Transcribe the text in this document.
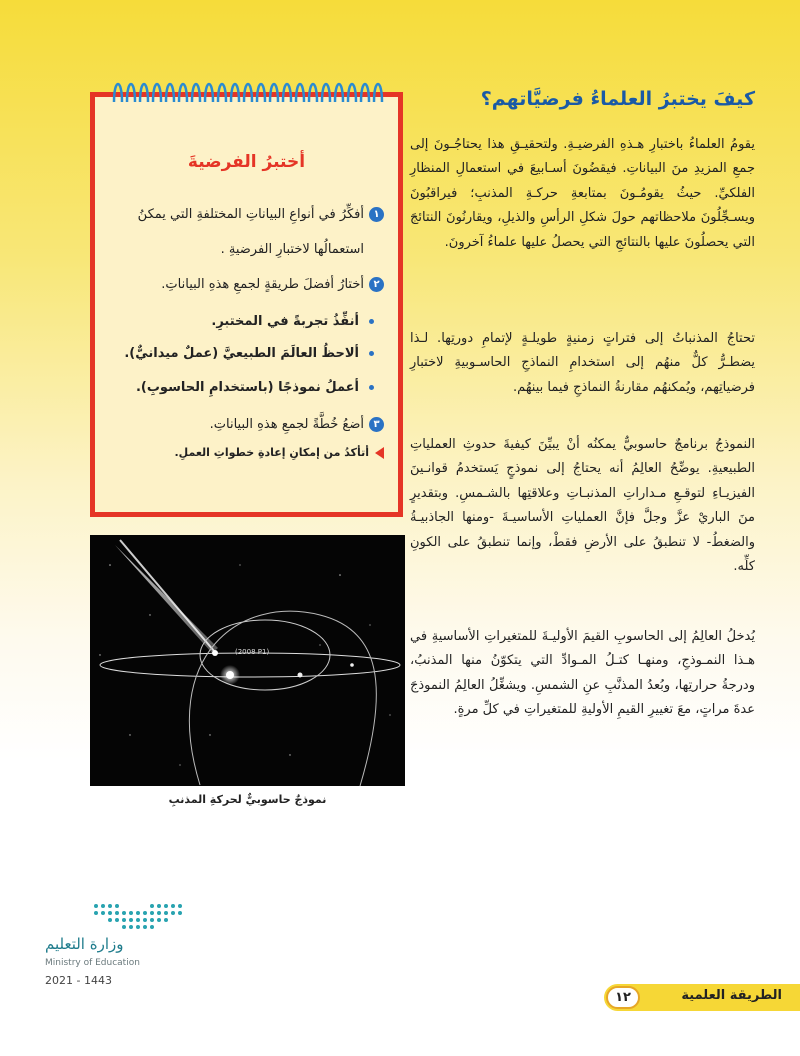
كيفَ يختبرُ العلماءُ فرضيَّاتهم؟
يقومُ العلماءُ باختبارِ هـذهِ الفرضيـةِ. ولتحقيـقِ هذا يحتاجُـونَ إلى جمعِ المزيدِ منَ البياناتِ. فيقضُونَ أسـابيعَ في استعمالِ المنظارِ الفلكيِّ. حيثُ يقومُـونَ بمتابعةِ حركـةِ المذنبِ؛ فيراقبُونَ ويسـجِّلُونَ ملاحظاتهم حولَ شكلِ الرأسِ والذيلِ، ويقارنُونَ النتائجَ التي يحصلُونَ عليها بالنتائجِ التي يحصلُ عليها علماءُ آخرونَ.
تحتاجُ المذنباتُ إلى فتراتٍ زمنيةٍ طويلـةٍ لإتمامِ دورتِها. لـذا يضطـرُّ كلٌّ منهُم إلى استخدامِ النماذجِ الحاسـوبيةِ لاختبارِ فرضياتِهم، ويُمكنهُم مقارنةُ النماذجِ فيما بينهُم.
النموذجُ برنامجٌ حاسوبيٌّ يمكنُه أنْ يبيِّنَ كيفيةَ حدوثِ العملياتِ الطبيعيةِ. يوضِّحُ العالِمُ أنه يحتاجُ إلى نموذجٍ يَستخدمُ قوانـينَ الفيزيـاءِ لتوقـعِ مـداراتِ المذنبـاتِ وعلاقتِها بالشـمسِ. وبتقديرٍ منَ الباريْ عزَّ وجلَّ فإنَّ العملياتِ الأساسيـةَ -ومنها الجاذبيـةُ والضغطُ- لا تنطبقُ على الأرضِ فقطْ، وإنما تنطبقُ على الكونِ كلِّه.
يُدخلُ العالِمُ إلى الحاسوبِ القيمَ الأوليـةَ للمتغيراتِ الأساسيةِ في هـذا النمـوذجِ، ومنهـا كتـلُ المـوادِّ التي يتكوّنُ منها المذنبُ، ودرجةُ حرارتِها، وبُعدُ المذنَّبِ عنِ الشمسِ. ويشغِّلُ العالِمُ النموذجَ عدةَ مراتٍ، معَ تغييرِ القيمِ الأوليةِ للمتغيراتِ في كلِّ مرةٍ.
أختبرُ الفرضيةَ
١أفكِّرُ في أنواعِ البياناتِ المختلفةِ التي يمكنُ
استعمالُها لاختبارِ الفرضيةِ .
٢أختارُ أفضلَ طريقةٍ لجمعِ هذهِ البياناتِ.
أنفِّذُ تجربةً في المختبرِ.
ألاحظُ العالَمَ الطبيعيَّ (عملٌ ميدانيٌّ).
أعملُ نموذجًا (باستخدامِ الحاسوبِ).
٣أضعُ خُطَّةً لجمعِ هذهِ البياناتِ.
أتأكدُ من إمكانِ إعادةِ خطواتِ العملِ.
(2008 P1)
نموذجٌ حاسوبيٌّ لحركةِ المذنبِ
وزارة التعليم
Ministry of Education
2021 - 1443
١٢	الطريقة العلمية
